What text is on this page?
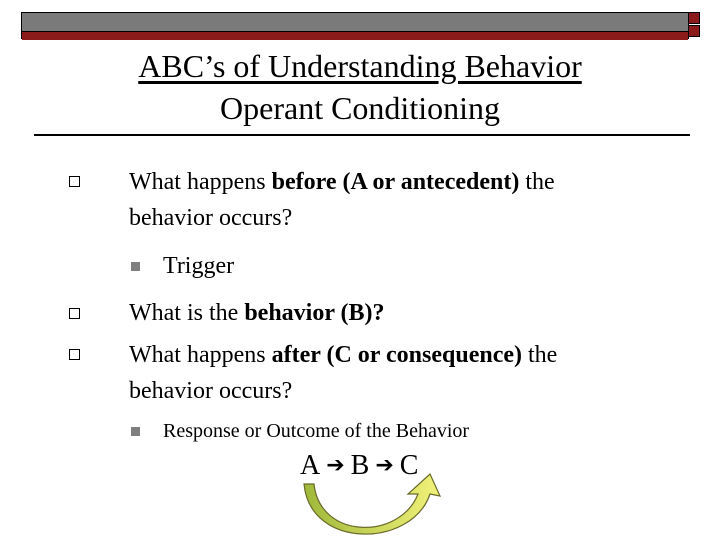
ABC’s of Understanding Behavior
Operant Conditioning
What happens before (A or antecedent) the
behavior occurs?
Trigger
What is the behavior (B)?
What happens after (C or consequence) the
behavior occurs?
Response or Outcome of the Behavior
A ➔ B ➔ C
